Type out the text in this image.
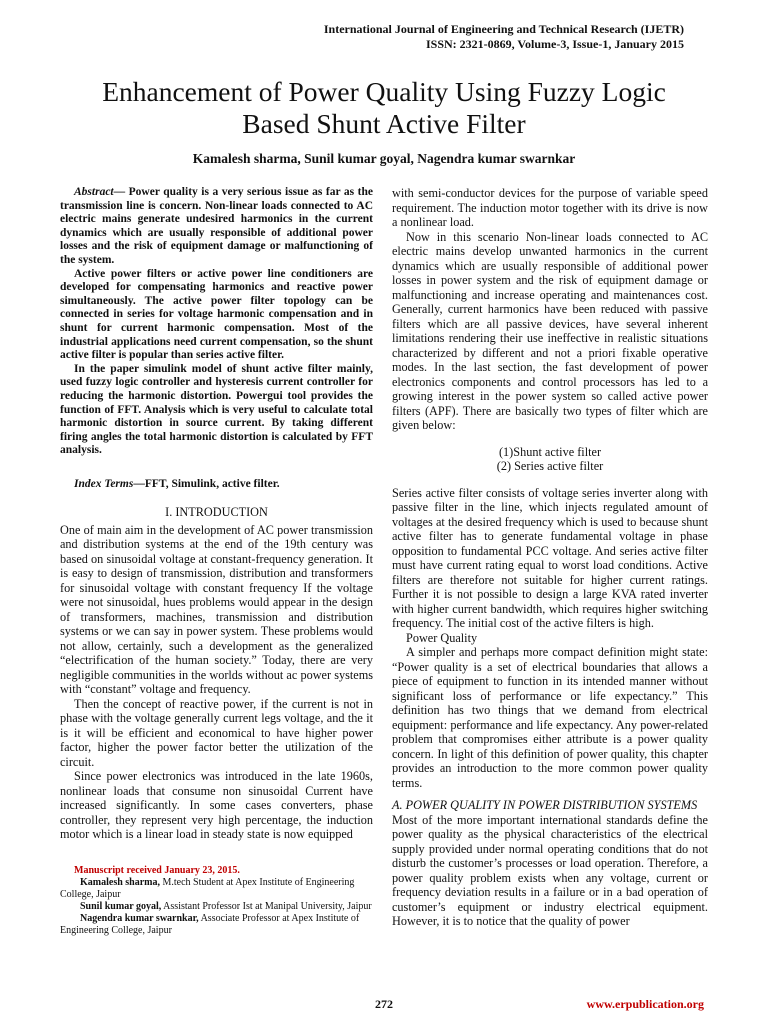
International Journal of Engineering and Technical Research (IJETR)
ISSN: 2321-0869, Volume-3, Issue-1, January 2015
Enhancement of Power Quality Using Fuzzy Logic
Based Shunt Active Filter
Kamalesh sharma, Sunil kumar goyal, Nagendra kumar swarnkar

Abstract— Power quality is a very serious issue as far as the transmission line is concern. Non-linear loads connected to AC electric mains generate undesired harmonics in the current dynamics which are usually responsible of additional power losses and the risk of equipment damage or malfunctioning of the system.

Active power filters or active power line conditioners are developed for compensating harmonics and reactive power simultaneously. The active power filter topology can be connected in series for voltage harmonic compensation and in shunt for current harmonic compensation. Most of the industrial applications need current compensation, so the shunt active filter is popular than series active filter.

In the paper simulink model of shunt active filter mainly, used fuzzy logic controller and hysteresis current controller for reducing the harmonic distortion. Powergui tool provides the function of FFT. Analysis which is very useful to calculate total harmonic distortion in source current. By taking different firing angles the total harmonic distortion is calculated by FFT analysis.

Index Terms—FFT, Simulink, active filter.

I. INTRODUCTION

One of main aim in the development of AC power transmission and distribution systems at the end of the 19th century was based on sinusoidal voltage at constant-frequency generation. It is easy to design of transmission, distribution and transformers for sinusoidal voltage with constant frequency If the voltage were not sinusoidal, hues problems would appear in the design of transformers, machines, transmission and distribution systems or we can say in power system. These problems would not allow, certainly, such a development as the generalized “electrification of the human society.” Today, there are very negligible communities in the worlds without ac power systems with “constant” voltage and frequency.

Then the concept of reactive power, if the current is not in phase with the voltage generally current legs voltage, and the it is it will be efficient and economical to have higher power factor, higher the power factor better the utilization of the circuit.

Since power electronics was introduced in the late 1960s, nonlinear loads that consume non sinusoidal Current have increased significantly. In some cases converters, phase controller, they represent very high percentage, the induction motor which is a linear load in steady state is now equipped

with semi-conductor devices for the purpose of variable speed requirement. The induction motor together with its drive is now a nonlinear load.

Now in this scenario Non-linear loads connected to AC electric mains develop unwanted harmonics in the current dynamics which are usually responsible of additional power losses in power system and the risk of equipment damage or malfunctioning and increase operating and maintenances cost. Generally, current harmonics have been reduced with passive filters which are all passive devices, have several inherent limitations rendering their use ineffective in realistic situations characterized by different and not a priori fixable operative modes. In the last section, the fast development of power electronics components and control processors has led to a growing interest in the power system so called active power filters (APF). There are basically two types of filter which are given below:

(1)Shunt active filter

(2) Series active filter

Series active filter consists of voltage series inverter along with passive filter in the line, which injects regulated amount of voltages at the desired frequency which is used to because shunt active filter has to generate fundamental voltage in phase opposition to fundamental PCC voltage. And series active filter must have current rating equal to worst load conditions. Active filters are therefore not suitable for higher current ratings. Further it is not possible to design a large KVA rated inverter with higher current bandwidth, which requires higher switching frequency. The initial cost of the active filters is high.

Power Quality

A simpler and perhaps more compact definition might state: “Power quality is a set of electrical boundaries that allows a piece of equipment to function in its intended manner without significant loss of performance or life expectancy.” This definition has two things that we demand from electrical equipment: performance and life expectancy. Any power-related problem that compromises either attribute is a power quality concern. In light of this definition of power quality, this chapter provides an introduction to the more common power quality terms.

A. POWER QUALITY IN POWER DISTRIBUTION SYSTEMS

Most of the more important international standards define the power quality as the physical characteristics of the electrical supply provided under normal operating conditions that do not disturb the customer’s processes or load operation. Therefore, a power quality problem exists when any voltage, current or frequency deviation results in a failure or in a bad operation of customer’s equipment or industry electrical equipment. However, it is to notice that the quality of power

Manuscript received January 23, 2015.

Kamalesh sharma, M.tech Student at Apex Institute of Engineering College, Jaipur

Sunil kumar goyal, Assistant Professor Ist at Manipal University, Jaipur

Nagendra kumar swarnkar, Associate Professor at Apex Institute of Engineering College, Jaipur

272	www.erpublication.org
